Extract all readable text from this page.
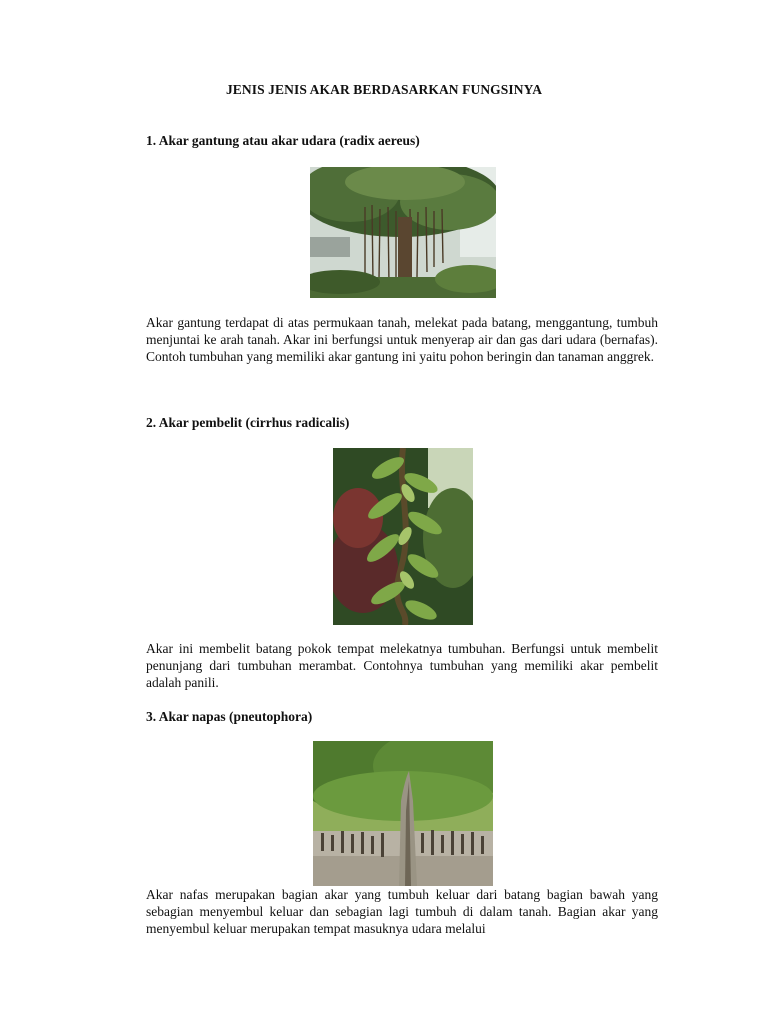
JENIS JENIS AKAR BERDASARKAN FUNGSINYA
1. Akar gantung atau akar udara (radix aereus)

Akar gantung terdapat di atas permukaan tanah, melekat pada batang, menggantung, tumbuh menjuntai ke arah tanah. Akar ini berfungsi untuk menyerap air dan gas dari udara (bernafas). Contoh tumbuhan yang memiliki akar gantung ini yaitu pohon beringin dan tanaman anggrek.

2. Akar pembelit (cirrhus radicalis)

Akar ini membelit batang pokok tempat melekatnya tumbuhan. Berfungsi untuk membelit penunjang dari tumbuhan merambat. Contohnya tumbuhan yang memiliki akar pembelit adalah panili.

3. Akar napas (pneutophora)

Akar nafas merupakan bagian akar yang tumbuh keluar dari batang bagian bawah yang sebagian menyembul keluar dan sebagian lagi tumbuh di dalam tanah. Bagian akar yang menyembul keluar merupakan tempat masuknya udara melalui
